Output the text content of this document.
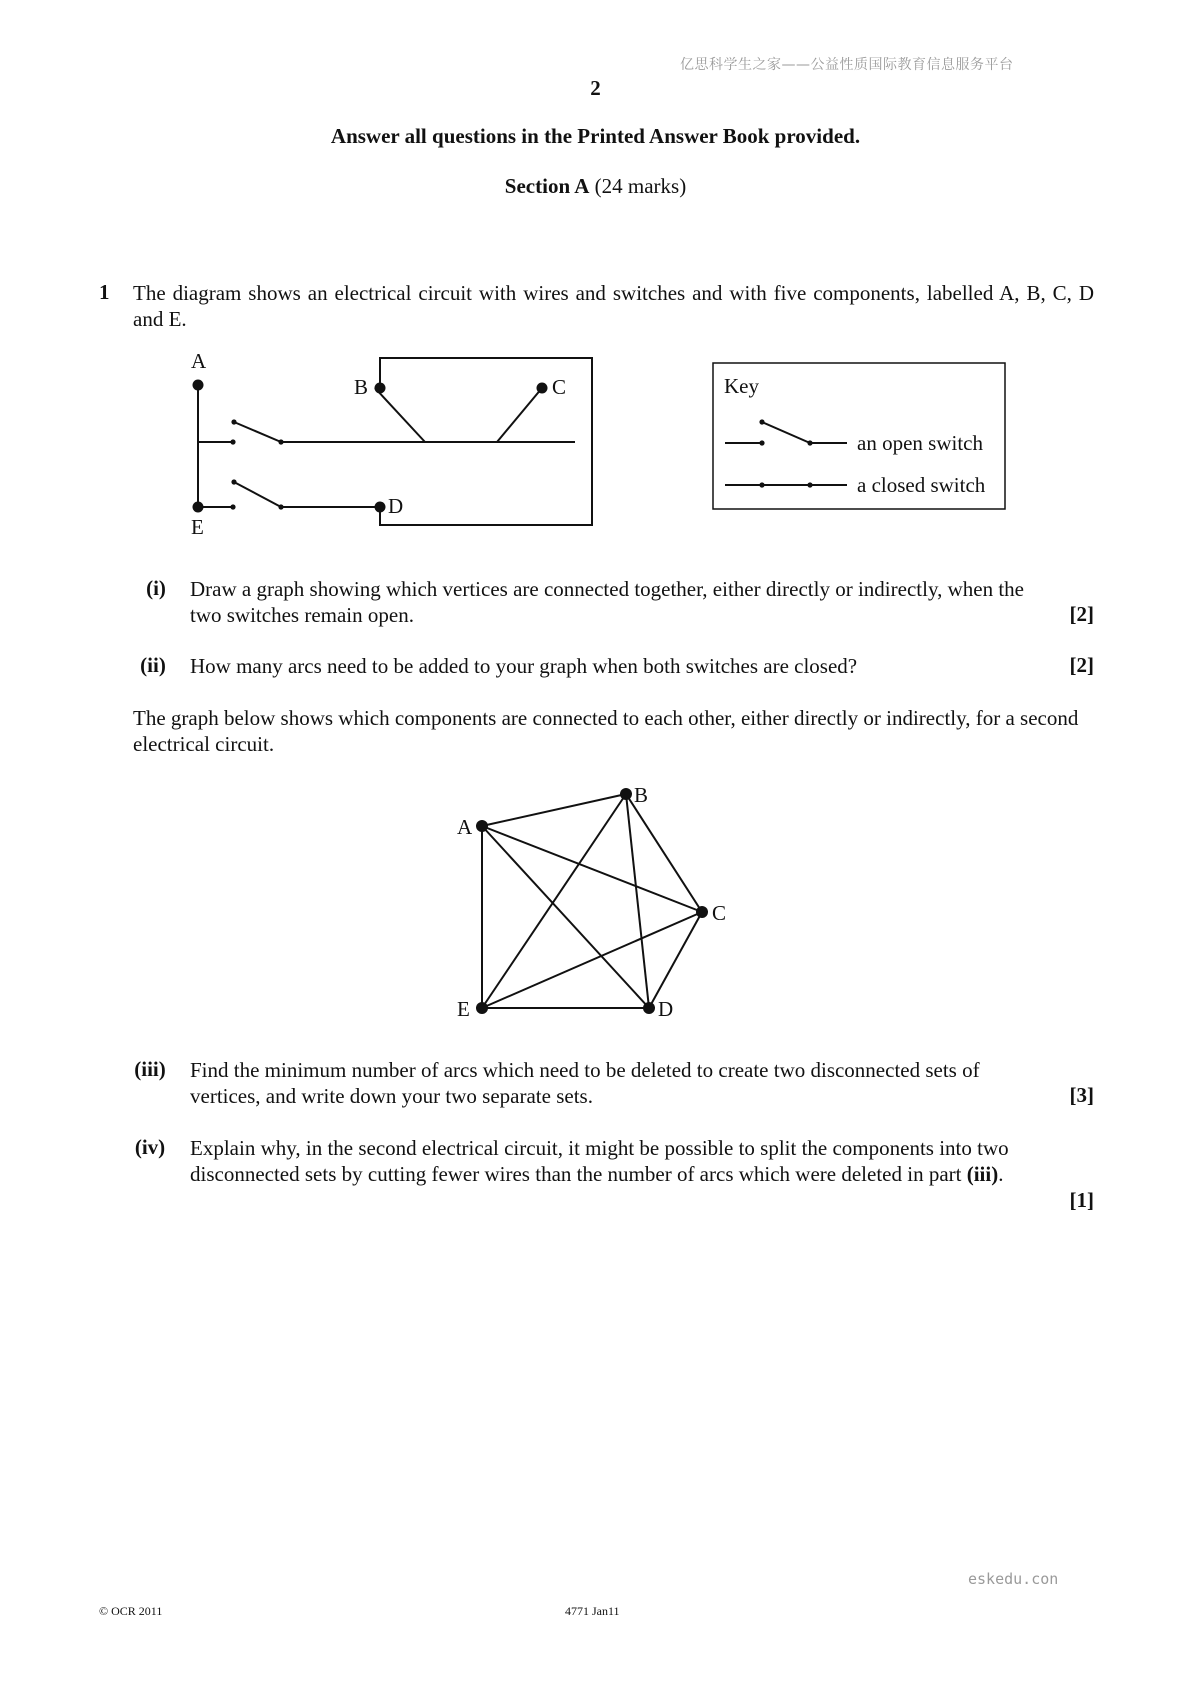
亿思科学生之家——公益性质国际教育信息服务平台
2
Answer all questions in the Printed Answer Book provided.
Section A (24 marks)
1 The diagram shows an electrical circuit with wires and switches and with five components, labelled A, B, C, D and E.
A
B	C
D
E
Key
an open switch
a closed switch
(i)	Draw a graph showing which vertices are connected together, either directly or indirectly, when the two switches remain open.	[2]
(ii)	How many arcs need to be added to your graph when both switches are closed?	[2]
The graph below shows which components are connected to each other, either directly or indirectly, for a second electrical circuit.
A
B
C
D
E
(iii)	Find the minimum number of arcs which need to be deleted to create two disconnected sets of vertices, and write down your two separate sets.	[3]
(iv)	Explain why, in the second electrical circuit, it might be possible to split the components into two disconnected sets by cutting fewer wires than the number of arcs which were deleted in part (iii).
[1]
eskedu.con
© OCR 2011	4771 Jan11
